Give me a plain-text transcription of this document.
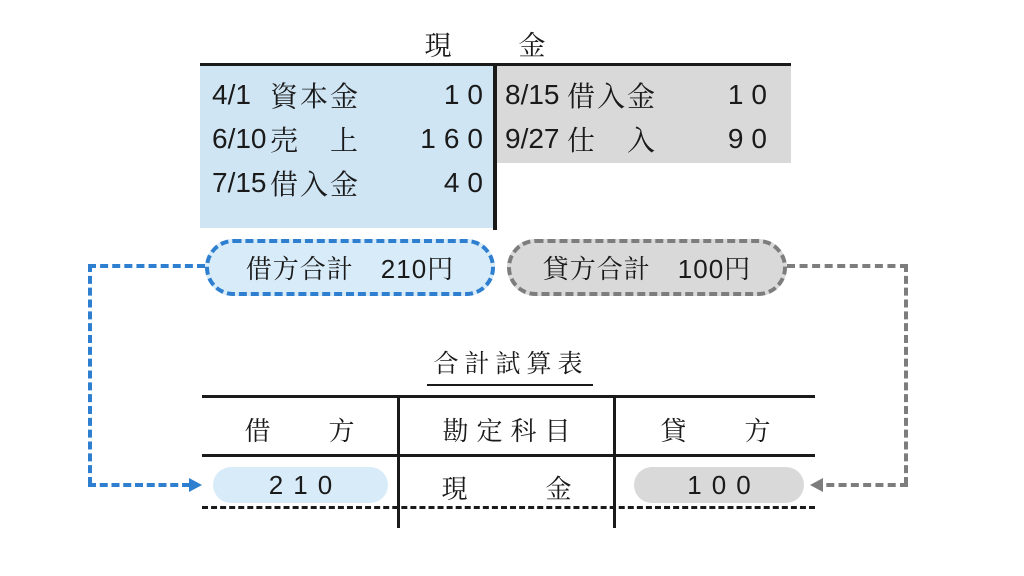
現　金
4/1 資本金	10
6/10 売　上	160
7/15 借入金	40
8/15 借入金	10
9/27 仕　入	90
借方合計　210円	貸方合計　100円
合計試算表
借　方	勘定科目	貸　方
210	現　金	100
